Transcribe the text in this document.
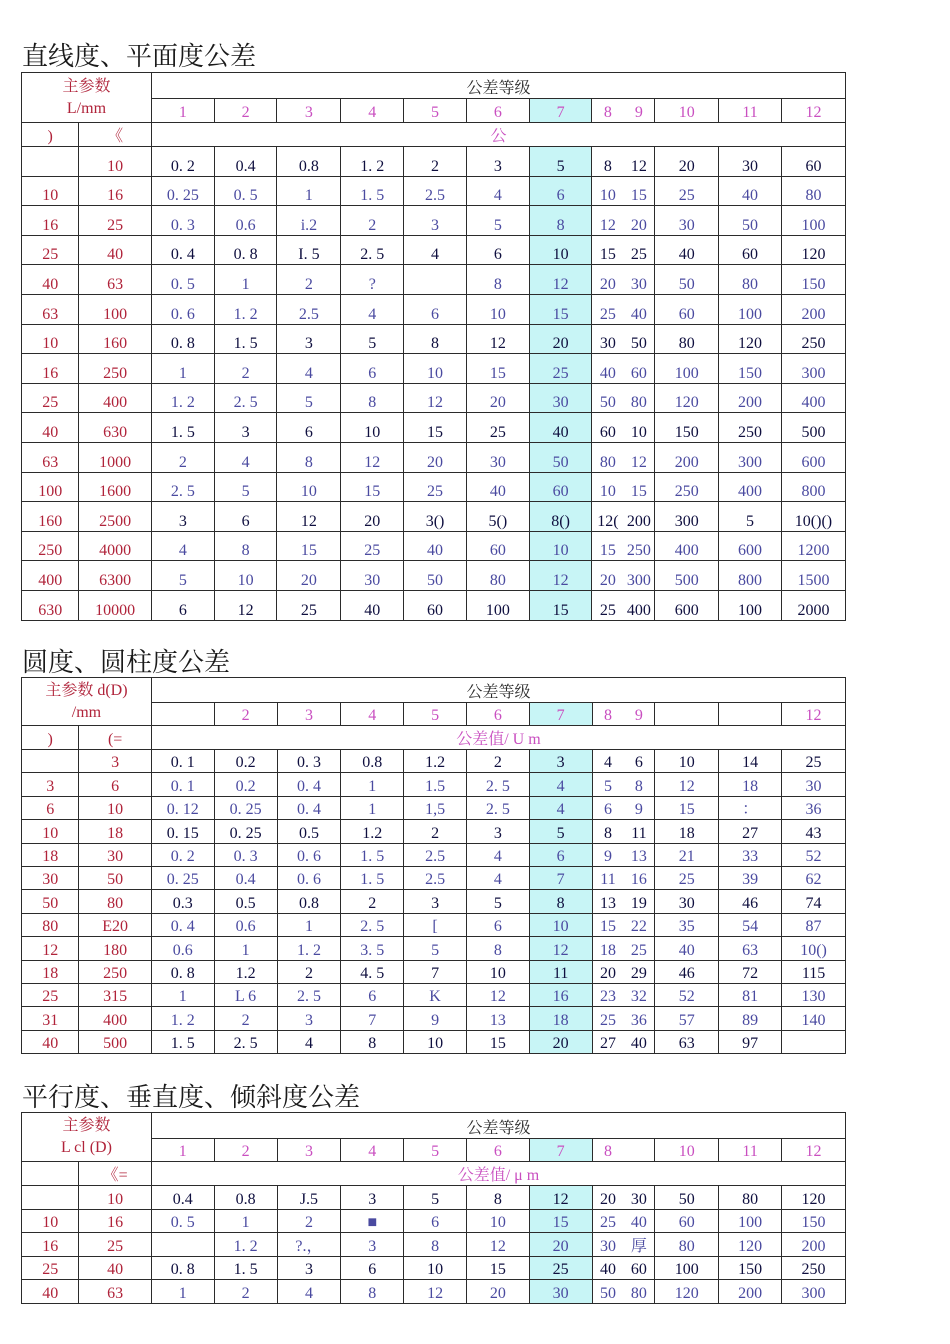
直线度、平面度公差
主参数
L/mm		公差等级										
		1	2	3	4	5	6	7	8 9	10	11	12
)	《	公										
	10	0. 2	0.4	0.8	1. 2	2	3	5	8 12	20	30	60
10	16	0. 25	0. 5	1	1. 5	2.5	4	6	10 15	25	40	80
16	25	0. 3	0.6	i.2	2	3	5	8	12 20	30	50	100
25	40	0. 4	0. 8	I. 5	2. 5	4	6	10	15 25	40	60	120
40	63	0. 5	1	2	?		8	12	20 30	50	80	150
63	100	0. 6	1. 2	2.5	4	6	10	15	25 40	60	100	200
10	160	0. 8	1. 5	3	5	8	12	20	30 50	80	120	250
16	250	1	2	4	6	10	15	25	40 60	100	150	300
25	400	1. 2	2. 5	5	8	12	20	30	50 80	120	200	400
40	630	1. 5	3	6	10	15	25	40	60 10	150	250	500
63	1000	2	4	8	12	20	30	50	80 12	200	300	600
100	1600	2. 5	5	10	15	25	40	60	10 15	250	400	800
160	2500	3	6	12	20	3()	5()	8()	12( 200	300	5	10()()
250	4000	4	8	15	25	40	60	10	15 250	400	600	1200
400	6300	5	10	20	30	50	80	12	20 300	500	800	1500
630	10000	6	12	25	40	60	100	15	25 400	600	100	2000
圆度、圆柱度公差
主参数 d(D)
/mm		公差等级										
			2	3	4	5	6	7	8 9			12
)	(=	公差值/ U m										
	3	0. 1	0.2	0. 3	0.8	1.2	2	3	4 6	10	14	25
3	6	0. 1	0.2	0. 4	1	1.5	2. 5	4	5 8	12	18	30
6	10	0. 12	0. 25	0. 4	1	1,5	2. 5	4	6 9	15	：	36
10	18	0. 15	0. 25	0.5	1.2	2	3	5	8 11	18	27	43
18	30	0. 2	0. 3	0. 6	1. 5	2.5	4	6	9 13	21	33	52
30	50	0. 25	0.4	0. 6	1. 5	2.5	4	7	11 16	25	39	62
50	80	0.3	0.5	0.8	2	3	5	8	13 19	30	46	74
80	E20	0. 4	0.6	1	2. 5	[	6	10	15 22	35	54	87
12	180	0.6	1	1. 2	3. 5	5	8	12	18 25	40	63	10()
18	250	0. 8	1.2	2	4. 5	7	10	11	20 29	46	72	115
25	315	1	L 6	2. 5	6	K	12	16	23 32	52	81	130
31	400	1. 2	2	3	7	9	13	18	25 36	57	89	140
40	500	1. 5	2. 5	4	8	10	15	20	27 40	63	97	
平行度、垂直度、倾斜度公差
主参数
L cl (D)		公差等级										
		1	2	3	4	5	6	7	8	10	11	12
	《=	公差值/ μ m										
	10	0.4	0.8	J.5	3	5	8	12	20 30	50	80	120
10	16	0. 5	1	2	■	6	10	15	25 40	60	100	150
16	25		1. 2	?.，	3	8	12	20	30 厚	80	120	200
25	40	0. 8	1. 5	3	6	10	15	25	40 60	100	150	250
40	63	1	2	4	8	12	20	30	50 80	120	200	300
